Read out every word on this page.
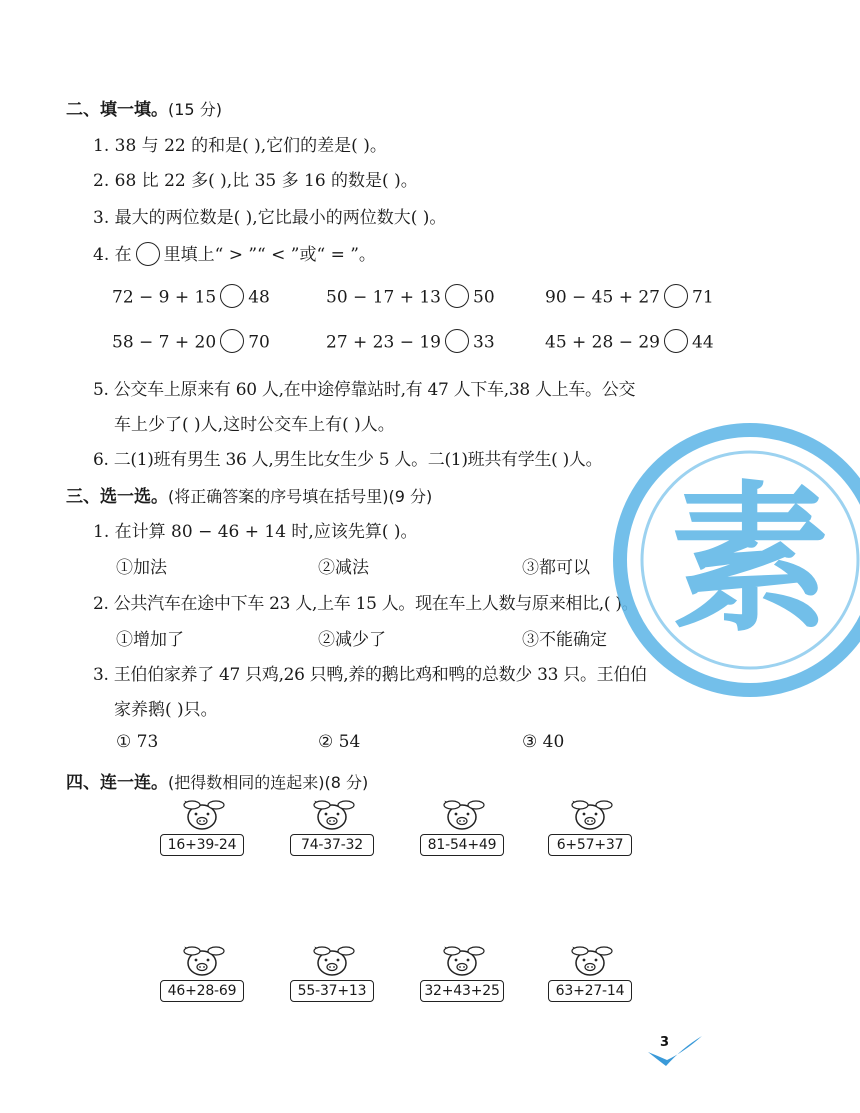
二、填一填。(15 分)
1. 38 与 22 的和是( ),它们的差是( )。
2. 68 比 22 多( ),比 35 多 16 的数是( )。
3. 最大的两位数是( ),它比最小的两位数大( )。
4. 在 里填上“ > ”“ < ”或“ = ”。
72 − 9 + 15 48	50 − 17 + 13 50	90 − 45 + 27 71
58 − 7 + 20 70	27 + 23 − 19 33	45 + 28 − 29 44
5. 公交车上原来有 60 人,在中途停靠站时,有 47 人下车,38 人上车。公交
车上少了( )人,这时公交车上有( )人。
6. 二(1)班有男生 36 人,男生比女生少 5 人。二(1)班共有学生( )人。
三、选一选。(将正确答案的序号填在括号里)(9 分)
1. 在计算 80 − 46 + 14 时,应该先算( )。
①加法	②减法	③都可以
2. 公共汽车在途中下车 23 人,上车 15 人。现在车上人数与原来相比,( )。
①增加了	②减少了	③不能确定
3. 王伯伯家养了 47 只鸡,26 只鸭,养的鹅比鸡和鸭的总数少 33 只。王伯伯
家养鹅( )只。
① 73	② 54	③ 40
四、连一连。(把得数相同的连起来)(8 分)
16+39-24	74-37-32	81-54+49	6+57+37
46+28-69	55-37+13	32+43+25	63+27-14
素
3
